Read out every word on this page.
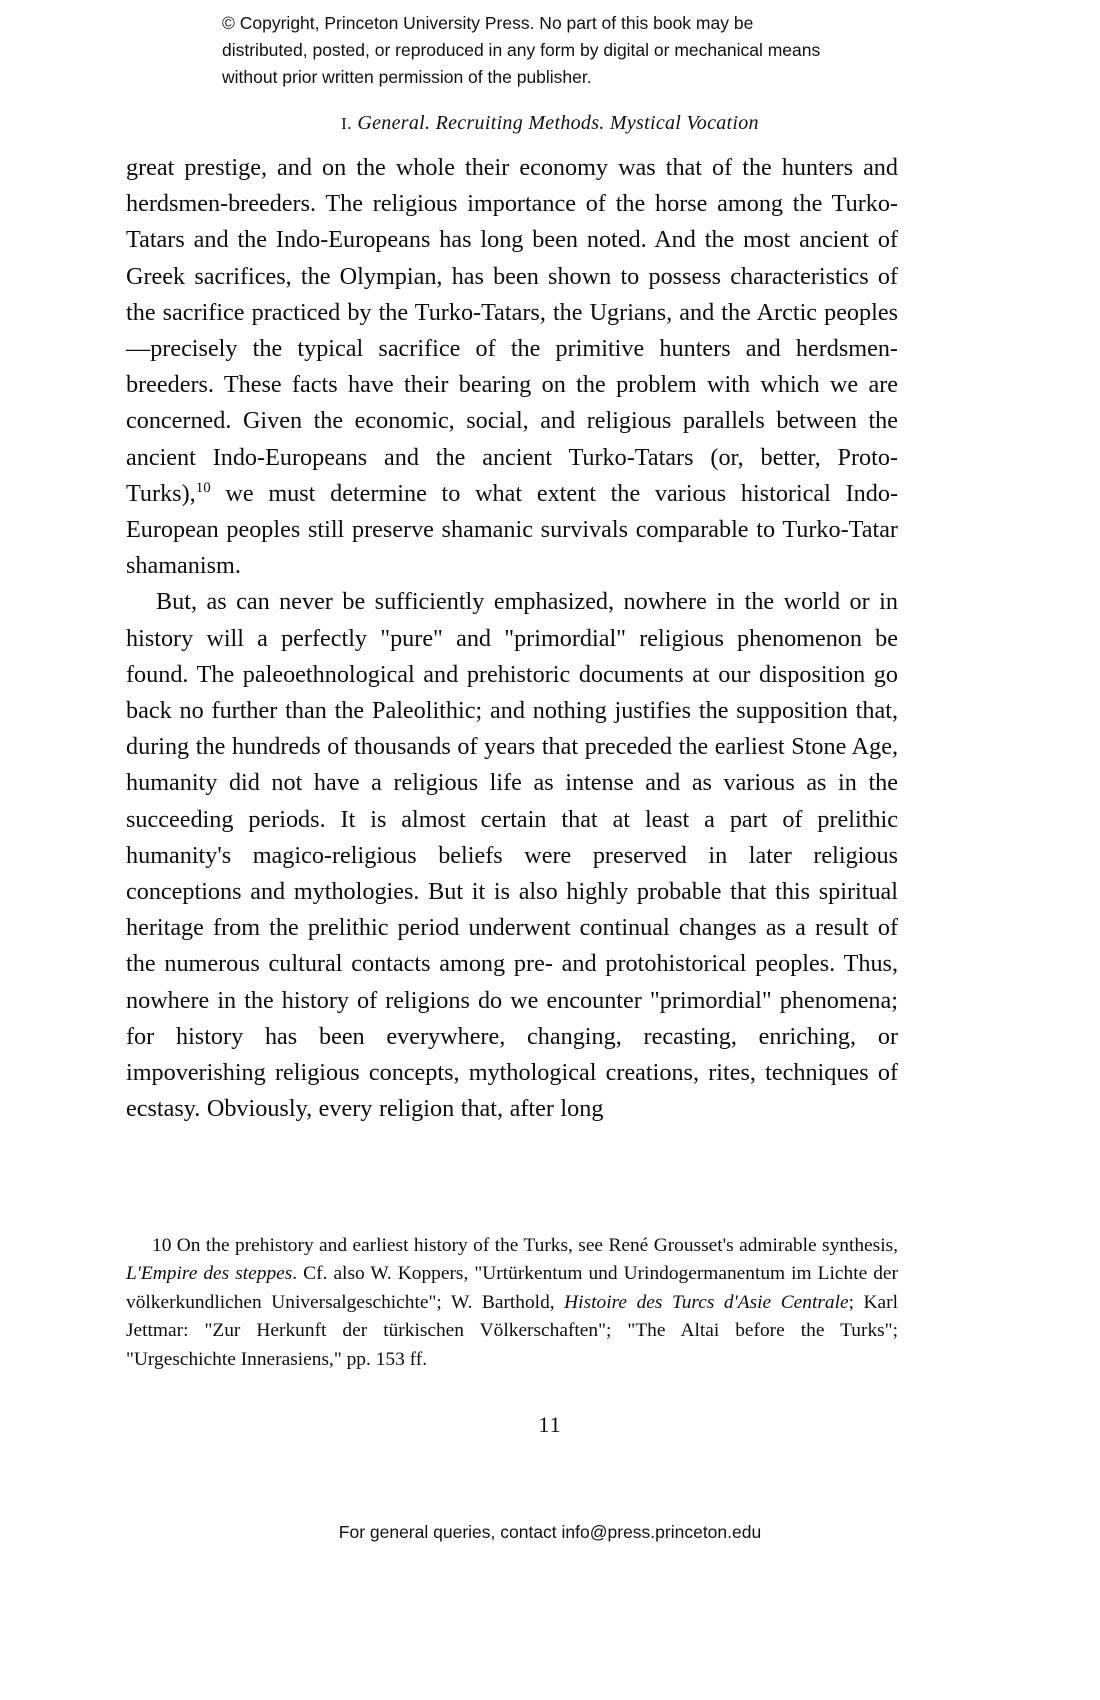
© Copyright, Princeton University Press. No part of this book may be distributed, posted, or reproduced in any form by digital or mechanical means without prior written permission of the publisher.
I. General. Recruiting Methods. Mystical Vocation

great prestige, and on the whole their economy was that of the hunters and herdsmen-breeders. The religious importance of the horse among the Turko-Tatars and the Indo-Europeans has long been noted. And the most ancient of Greek sacrifices, the Olympian, has been shown to possess characteristics of the sacrifice practiced by the Turko-Tatars, the Ugrians, and the Arctic peoples—precisely the typical sacrifice of the primitive hunters and herdsmen-breeders. These facts have their bearing on the problem with which we are concerned. Given the economic, social, and religious parallels between the ancient Indo-Europeans and the ancient Turko-Tatars (or, better, Proto-Turks),$^{10}$ we must determine to what extent the various historical Indo-European peoples still preserve shamanic survivals comparable to Turko-Tatar shamanism.

But, as can never be sufficiently emphasized, nowhere in the world or in history will a perfectly "pure" and "primordial" religious phenomenon be found. The paleoethnological and prehistoric documents at our disposition go back no further than the Paleolithic; and nothing justifies the supposition that, during the hundreds of thousands of years that preceded the earliest Stone Age, humanity did not have a religious life as intense and as various as in the succeeding periods. It is almost certain that at least a part of prelithic humanity's magico-religious beliefs were preserved in later religious conceptions and mythologies. But it is also highly probable that this spiritual heritage from the prelithic period underwent continual changes as a result of the numerous cultural contacts among pre- and protohistorical peoples. Thus, nowhere in the history of religions do we encounter "primordial" phenomena; for history has been everywhere, changing, recasting, enriching, or impoverishing religious concepts, mythological creations, rites, techniques of ecstasy. Obviously, every religion that, after long

10 On the prehistory and earliest history of the Turks, see René Grousset's admirable synthesis, L'Empire des steppes. Cf. also W. Koppers, "Urtürkentum und Urindogermanentum im Lichte der völkerkundlichen Universalgeschichte"; W. Barthold, Histoire des Turcs d'Asie Centrale; Karl Jettmar: "Zur Herkunft der türkischen Völkerschaften"; "The Altai before the Turks"; "Urgeschichte Innerasiens," pp. 153 ff.
11
For general queries, contact info@press.princeton.edu
